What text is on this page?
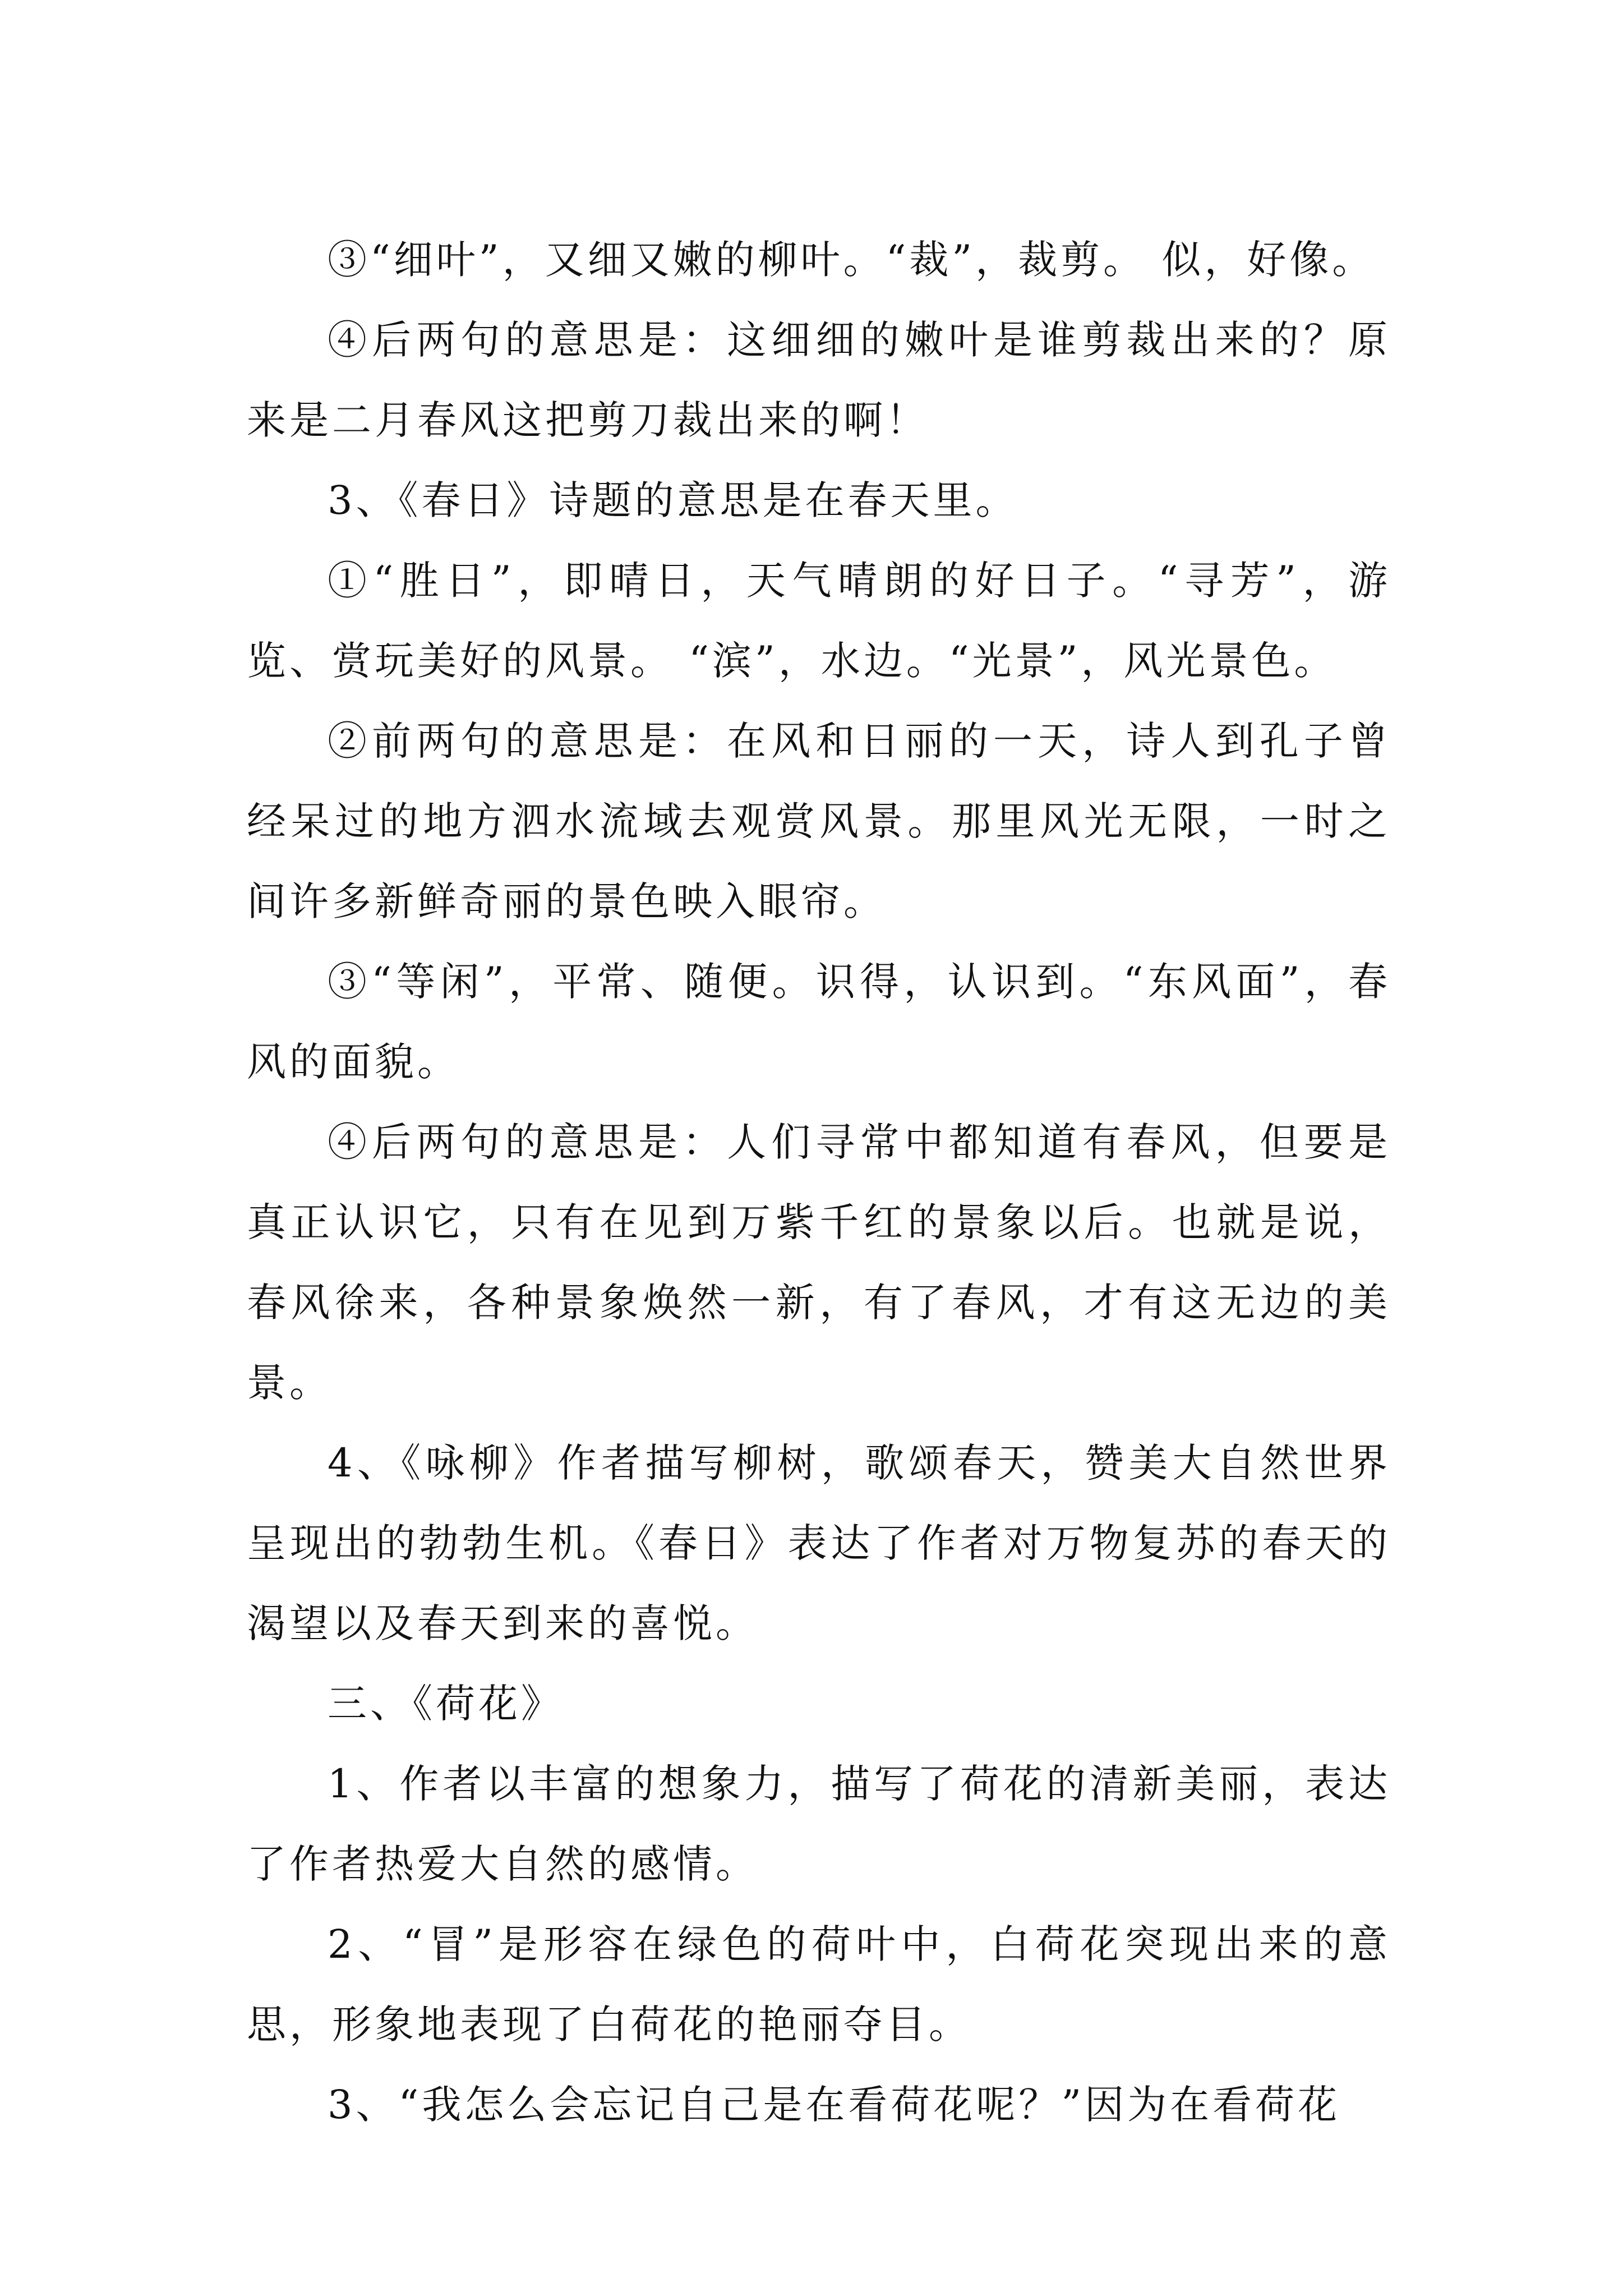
③“细叶”，又细又嫩的柳叶。“裁”，裁剪。 似，好像。

④后两句的意思是：这细细的嫩叶是谁剪裁出来的？原来是二月春风这把剪刀裁出来的啊！

3、《春日》诗题的意思是在春天里。

①“胜日”，即晴日，天气晴朗的好日子。“寻芳”，游览、赏玩美好的风景。 “滨”，水边。“光景”，风光景色。

②前两句的意思是：在风和日丽的一天，诗人到孔子曾经呆过的地方泗水流域去观赏风景。那里风光无限，一时之间许多新鲜奇丽的景色映入眼帘。

③“等闲”，平常、随便。识得，认识到。“东风面”，春风的面貌。

④后两句的意思是：人们寻常中都知道有春风，但要是真正认识它，只有在见到万紫千红的景象以后。也就是说，春风徐来，各种景象焕然一新，有了春风，才有这无边的美景。

4、《咏柳》作者描写柳树，歌颂春天，赞美大自然世界呈现出的勃勃生机。《春日》表达了作者对万物复苏的春天的渴望以及春天到来的喜悦。

三、《荷花》

1、作者以丰富的想象力，描写了荷花的清新美丽，表达了作者热爱大自然的感情。

2、“冒”是形容在绿色的荷叶中，白荷花突现出来的意思，形象地表现了白荷花的艳丽夺目。

3、“我怎么会忘记自己是在看荷花呢？”因为在看荷花
